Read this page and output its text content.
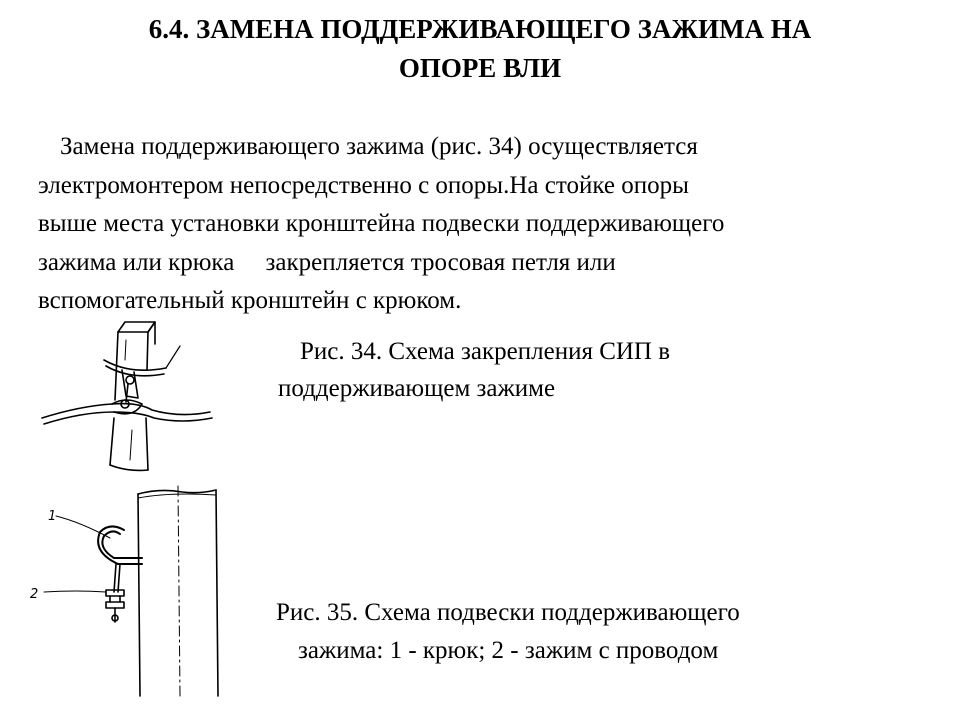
6.4. ЗАМЕНА ПОДДЕРЖИВАЮЩЕГО ЗАЖИМА НА
ОПОРЕ ВЛИ

Замена поддерживающего зажима (рис. 34) осуществляется
электромонтером непосредственно с опоры.На стойке опоры
выше места установки кронштейна подвески поддерживающего
зажима или крюка     закрепляется тросовая петля или
вспомогательный кронштейн с крюком.

1
2
Рис. 34. Схема закрепления СИП в
поддерживающем зажиме
Рис. 35. Схема подвески поддерживающего
зажима: 1 - крюк; 2 - зажим с проводом
